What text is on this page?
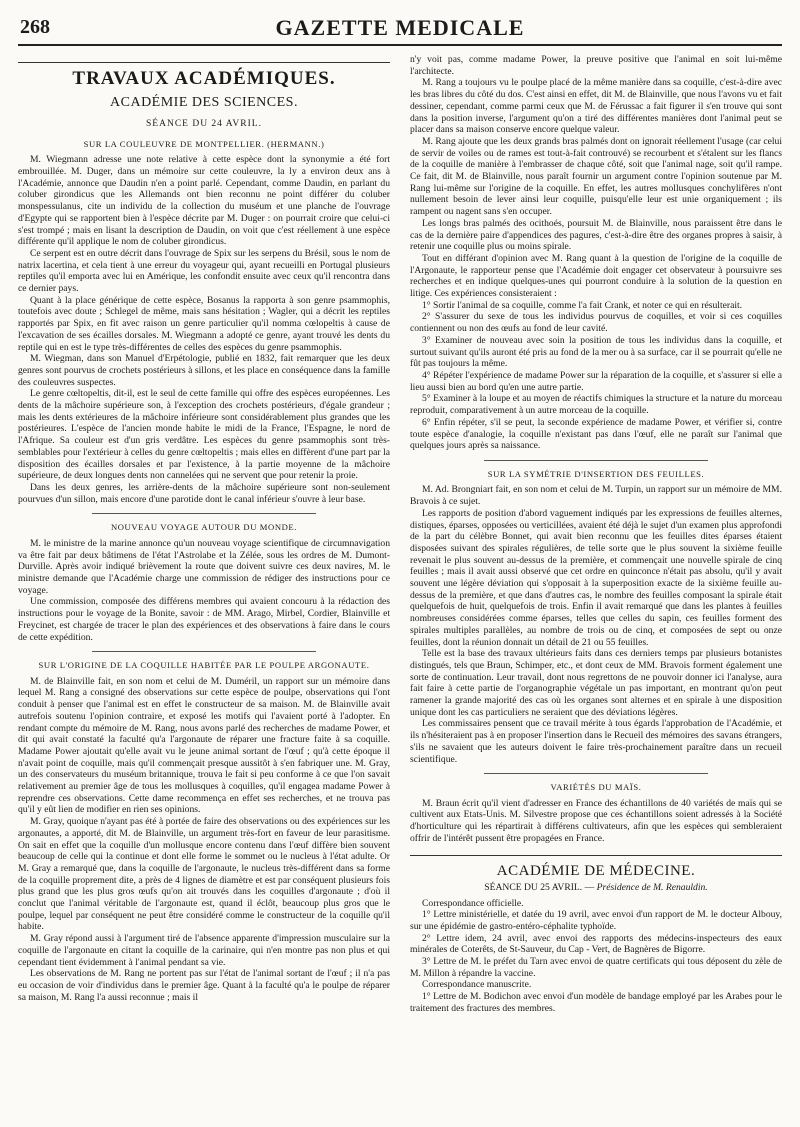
268	GAZETTE MEDICALE
TRAVAUX ACADÉMIQUES.
ACADÉMIE DES SCIENCES.
SÉANCE DU 24 AVRIL.
SUR LA COULEUVRE DE MONTPELLIER. (HERMANN.)

M. Wiegmann adresse une note relative à cette espèce dont la synonymie a été fort embrouillée. M. Duger, dans un mémoire sur cette couleuvre, la ly a environ deux ans à l'Académie, annonce que Daudin n'en a point parlé. Cependant, comme Daudin, en parlant du coluber girondicus que les Allemands ont bien reconnu ne point différer du coluber monspessulanus, cite un individu de la collection du muséum et une planche de l'ouvrage d'Egypte qui se rapportent bien à l'espèce décrite par M. Duger : on pourrait croire que celui-ci s'est trompé ; mais en lisant la description de Daudin, on voit que c'est réellement à une espèce différente qu'il applique le nom de coluber girondicus.

Ce serpent est en outre décrit dans l'ouvrage de Spix sur les serpens du Brésil, sous le nom de natrix lacertina, et cela tient à une erreur du voyageur qui, ayant recueilli en Portugal plusieurs reptiles qu'il emporta avec lui en Amérique, les confondit ensuite avec ceux qu'il rencontra dans ce dernier pays.

Quant à la place générique de cette espèce, Bosanus la rapporta à son genre psammophis, toutefois avec doute ; Schlegel de même, mais sans hésitation ; Wagler, qui a décrit les reptiles rapportés par Spix, en fit avec raison un genre particulier qu'il nomma cœlopeltis à cause de l'excavation de ses écailles dorsales. M. Wiegmann a adopté ce genre, ayant trouvé les dents du reptile qui en est le type très-différentes de celles des espèces du genre psammophis.

M. Wiegman, dans son Manuel d'Erpétologie, publié en 1832, fait remarquer que les deux genres sont pourvus de crochets postérieurs à sillons, et les place en conséquence dans la famille des couleuvres suspectes.

Le genre cœltopeltis, dit-il, est le seul de cette famille qui offre des espèces européennes. Les dents de la mâchoire supérieure son, à l'exception des crochets postérieurs, d'égale grandeur ; mais les dents extérieures de la mâchoire inférieure sont considérablement plus grandes que les postérieures. L'espèce de l'ancien monde habite le midi de la France, l'Espagne, le nord de l'Afrique. Sa couleur est d'un gris verdâtre. Les espèces du genre psammophis sont très-semblables pour l'extérieur à celles du genre cœltopeltis ; mais elles en diffèrent d'une part par la disposition des écailles dorsales et par l'existence, à la partie moyenne de la mâchoire supérieure, de deux longues dents non cannelées qui ne servent que pour retenir la proie.

Dans les deux genres, les arrière-dents de la mâchoire supérieure sont non-seulement pourvues d'un sillon, mais encore d'une parotide dont le canal inférieur s'ouvre à leur base.

NOUVEAU VOYAGE AUTOUR DU MONDE.

M. le ministre de la marine annonce qu'un nouveau voyage scientifique de circumnavigation va être fait par deux bâtimens de l'état l'Astrolabe et la Zélée, sous les ordres de M. Dumont-Durville. Après avoir indiqué brièvement la route que doivent suivre ces deux navires, M. le ministre demande que l'Académie charge une commission de rédiger des instructions pour ce voyage.

Une commission, composée des différens membres qui avaient concouru à la rédaction des instructions pour le voyage de la Bonite, savoir : de MM. Arago, Mirbel, Cordier, Blainville et Freycinet, est chargée de tracer le plan des expériences et des observations à faire dans le cours de cette expédition.

SUR L'ORIGINE DE LA COQUILLE HABITÉE PAR LE POULPE ARGONAUTE.

M. de Blainville fait, en son nom et celui de M. Duméril, un rapport sur un mémoire dans lequel M. Rang a consigné des observations sur cette espèce de poulpe, observations qui l'ont conduit à penser que l'animal est en effet le constructeur de sa maison. M. de Blainville avait autrefois soutenu l'opinion contraire, et exposé les motifs qui l'avaient porté à l'adopter. En rendant compte du mémoire de M. Rang, nous avons parlé des recherches de madame Power, et dit qui avait constaté la faculté qu'a l'argonaute de réparer une fracture faite à sa coquille. Madame Power ajoutait qu'elle avait vu le jeune animal sortant de l'œuf ; qu'à cette époque il n'avait point de coquille, mais qu'il commençait presque aussitôt à s'en fabriquer une. M. Gray, un des conservateurs du muséum britannique, trouva le fait si peu conforme à ce que l'on savait relativement au premier âge de tous les mollusques à coquilles, qu'il engagea madame Power à reprendre ces observations. Cette dame recommença en effet ses recherches, et ne trouva pas qu'il y eût lien de modifier en rien ses opinions.

M. Gray, quoique n'ayant pas été à portée de faire des observations ou des expériences sur les argonautes, a apporté, dit M. de Blainville, un argument très-fort en faveur de leur parasitisme. On sait en effet que la coquille d'un mollusque encore contenu dans l'œuf diffère bien souvent beaucoup de celle qui la continue et dont elle forme le sommet ou le nucleus à l'état adulte. Or M. Gray a remarqué que, dans la coquille de l'argonaute, le nucleus très-différent dans sa forme de la coquille proprement dite, a près de 4 lignes de diamètre et est par conséquent plusieurs fois plus grand que les plus gros œufs qu'on ait trouvés dans les coquilles d'argonaute ; d'où il conclut que l'animal véritable de l'argonaute est, quand il éclôt, beaucoup plus gros que le poulpe, lequel par conséquent ne peut être considéré comme le constructeur de la coquille qu'il habite.

M. Gray répond aussi à l'argument tiré de l'absence apparente d'impression musculaire sur la coquille de l'argonaute en citant la coquille de la carinaire, qui n'en montre pas non plus et qui cependant tient évidemment à l'animal pendant sa vie.

Les observations de M. Rang ne portent pas sur l'état de l'animal sortant de l'œuf ; il n'a pas eu occasion de voir d'individus dans le premier âge. Quant à la faculté qu'a le poulpe de réparer sa maison, M. Rang l'a aussi reconnue ; mais il

n'y voit pas, comme madame Power, la preuve positive que l'animal en soit lui-même l'architecte.

M. Rang a toujours vu le poulpe placé de la même manière dans sa coquille, c'est-à-dire avec les bras libres du côté du dos. C'est ainsi en effet, dit M. de Blainville, que nous l'avons vu et fait dessiner, cependant, comme parmi ceux que M. de Férussac a fait figurer il s'en trouve qui sont dans la position inverse, l'argument qu'on a tiré des différentes manières dont l'animal peut se placer dans sa maison conserve encore quelque valeur.

M. Rang ajoute que les deux grands bras palmés dont on ignorait réellement l'usage (car celui de servir de voiles ou de rames est tout-à-fait controuvé) se recourbent et s'étalent sur les flancs de la coquille de manière à l'embrasser de chaque côté, soit que l'animal nage, soit qu'il rampe. Ce fait, dit M. de Blainville, nous paraît fournir un argument contre l'opinion soutenue par M. Rang lui-même sur l'origine de la coquille. En effet, les autres mollusques conchylifères n'ont nullement besoin de lever ainsi leur coquille, puisqu'elle leur est unie organiquement ; ils rampent ou nagent sans s'en occuper.

Les longs bras palmés des ocithoés, poursuit M. de Blainville, nous paraissent être dans le cas de la dernière paire d'appendices des pagures, c'est-à-dire être des organes propres à saisir, à retenir une coquille plus ou moins spirale.

Tout en différant d'opinion avec M. Rang quant à la question de l'origine de la coquille de l'Argonaute, le rapporteur pense que l'Académie doit engager cet observateur à poursuivre ses recherches et en indique quelques-unes qui pourront conduire à la solution de la question en litige. Ces expériences consisteraient :

1° Sortir l'animal de sa coquille, comme l'a fait Crank, et noter ce qui en résulterait.

2° S'assurer du sexe de tous les individus pourvus de coquilles, et voir si ces coquilles contiennent ou non des œufs au fond de leur cavité.

3° Examiner de nouveau avec soin la position de tous les individus dans la coquille, et surtout suivant qu'ils auront été pris au fond de la mer ou à sa surface, car il se pourrait qu'elle ne fût pas toujours la même.

4° Répéter l'expérience de madame Power sur la réparation de la coquille, et s'assurer si elle a lieu aussi bien au bord qu'en une autre partie.

5° Examiner à la loupe et au moyen de réactifs chimiques la structure et la nature du morceau reproduit, comparativement à un autre morceau de la coquille.

6° Enfin répéter, s'il se peut, la seconde expérience de madame Power, et vérifier si, contre toute espèce d'analogie, la coquille n'existant pas dans l'œuf, elle ne paraît sur l'animal que quelques jours après sa naissance.

SUR LA SYMÉTRIE D'INSERTION DES FEUILLES.

M. Ad. Brongniart fait, en son nom et celui de M. Turpin, un rapport sur un mémoire de MM. Bravois à ce sujet.

Les rapports de position d'abord vaguement indiqués par les expressions de feuilles alternes, distiques, éparses, opposées ou verticillées, avaient été déjà le sujet d'un examen plus approfondi de la part du célèbre Bonnet, qui avait bien reconnu que les feuilles dites éparses étaient disposées suivant des spirales régulières, de telle sorte que le plus souvent la sixième feuille revenait le plus souvent au-dessus de la première, et commençait une nouvelle spirale de cinq feuilles ; mais il avait aussi observé que cet ordre en quinconce n'était pas absolu, qu'il y avait souvent une légère déviation qui s'opposait à la superposition exacte de la sixième feuille au-dessus de la première, et que dans d'autres cas, le nombre des feuilles composant la spirale était quelquefois de huit, quelquefois de trois. Enfin il avait remarqué que dans les plantes à feuilles nombreuses considérées comme éparses, telles que celles du sapin, ces feuilles forment des spirales multiples parallèles, au nombre de trois ou de cinq, et composées de sept ou onze feuilles, dont la réunion donnait un détail de 21 ou 55 feuilles.

Telle est la base des travaux ultérieurs faits dans ces derniers temps par plusieurs botanistes distingués, tels que Braun, Schimper, etc., et dont ceux de MM. Bravois forment également une sorte de continuation. Leur travail, dont nous regrettons de ne pouvoir donner ici l'analyse, aura fait faire à cette partie de l'organographie végétale un pas important, en montrant qu'on peut ramener la grande majorité des cas où les organes sont alternes et en spirale à une disposition unique dont les cas particuliers ne seraient que des déviations légères.

Les commissaires pensent que ce travail mérite à tous égards l'approbation de l'Académie, et ils n'hésiteraient pas à en proposer l'insertion dans le Recueil des mémoires des savans étrangers, s'ils ne savaient que les auteurs doivent le faire très-prochainement paraître dans un recueil scientifique.

VARIÉTÉS DU MAÏS.

M. Braun écrit qu'il vient d'adresser en France des échantillons de 40 variétés de maïs qui se cultivent aux Etats-Unis. M. Silvestre propose que ces échantillons soient adressés à la Société d'horticulture qui les répartirait à différens cultivateurs, afin que les espèces qui sembleraient offrir de l'intérêt pussent être propagées en France.

ACADÉMIE DE MÉDECINE.
SÉANCE DU 25 AVRIL. — Présidence de M. Renauldin.

Correspondance officielle.

1° Lettre ministérielle, et datée du 19 avril, avec envoi d'un rapport de M. le docteur Albouy, sur une épidémie de gastro-entéro-céphalite typhoïde.

2° Lettre idem, 24 avril, avec envoi des rapports des médecins-inspecteurs des eaux minérales de Coterêts, de St-Sauveur, du Cap - Vert, de Bagnères de Bigorre.

3° Lettre de M. le préfet du Tarn avec envoi de quatre certificats qui tous déposent du zèle de M. Millon à répandre la vaccine.

Correspondance manuscrite.

1° Lettre de M. Bodichon avec envoi d'un modèle de bandage employé par les Arabes pour le traitement des fractures des membres.
